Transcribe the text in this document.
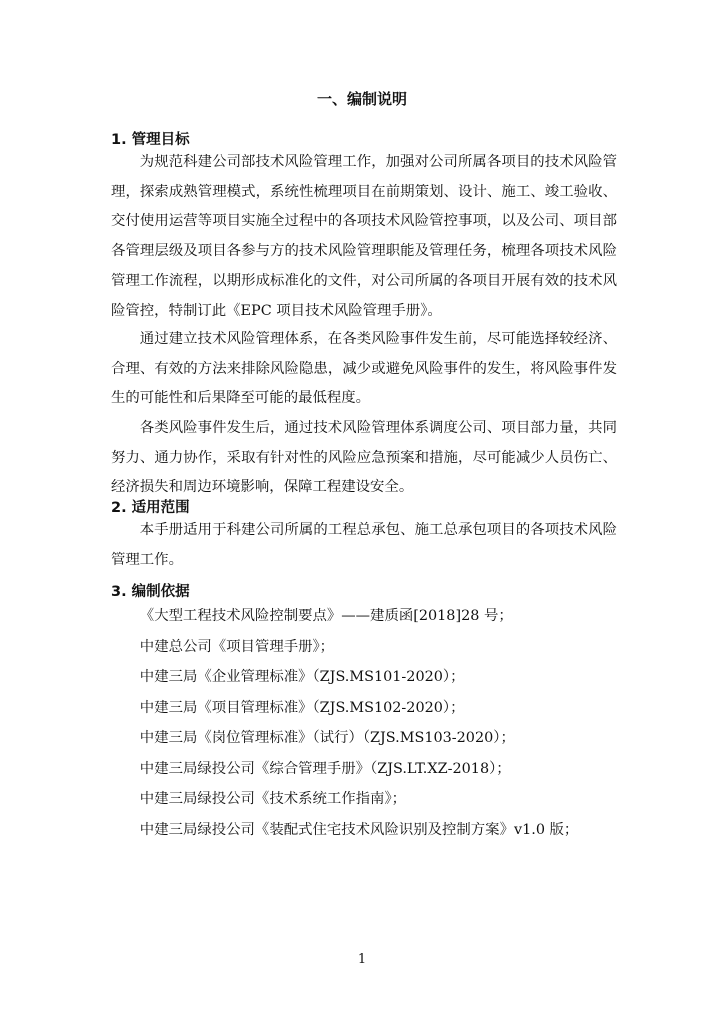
一、编制说明
1. 管理目标
为规范科建公司部技术风险管理工作，加强对公司所属各项目的技术风险管理，探索成熟管理模式，系统性梳理项目在前期策划、设计、施工、竣工验收、交付使用运营等项目实施全过程中的各项技术风险管控事项，以及公司、项目部各管理层级及项目各参与方的技术风险管理职能及管理任务，梳理各项技术风险管理工作流程，以期形成标准化的文件，对公司所属的各项目开展有效的技术风险管控，特制订此《EPC 项目技术风险管理手册》。
通过建立技术风险管理体系，在各类风险事件发生前，尽可能选择较经济、合理、有效的方法来排除风险隐患，减少或避免风险事件的发生，将风险事件发生的可能性和后果降至可能的最低程度。
各类风险事件发生后，通过技术风险管理体系调度公司、项目部力量，共同努力、通力协作，采取有针对性的风险应急预案和措施，尽可能减少人员伤亡、经济损失和周边环境影响，保障工程建设安全。
2. 适用范围
本手册适用于科建公司所属的工程总承包、施工总承包项目的各项技术风险管理工作。
3. 编制依据
《大型工程技术风险控制要点》——建质函[2018]28 号；
中建总公司《项目管理手册》；
中建三局《企业管理标准》（ZJS.MS101-2020）；
中建三局《项目管理标准》（ZJS.MS102-2020）；
中建三局《岗位管理标准》（试行）（ZJS.MS103-2020）；
中建三局绿投公司《综合管理手册》（ZJS.LT.XZ-2018）；
中建三局绿投公司《技术系统工作指南》；
中建三局绿投公司《装配式住宅技术风险识别及控制方案》v1.0 版；
1
